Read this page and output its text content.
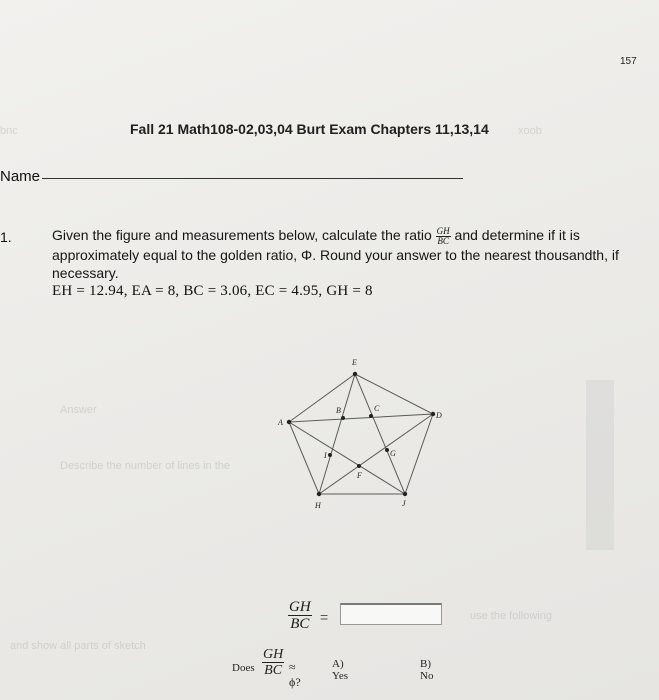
bnc	xoob
Answer
Describe the number of lines in the
and show all parts of sketch
use the following
157
Fall 21 Math108-02,03,04 Burt Exam Chapters 11,13,14
Name
1.	Given the figure and measurements below, calculate the ratio $\frac{GH}{BC}$ and determine if it is approximately equal to the golden ratio, Φ. Round your answer to the nearest thousandth, if necessary.
EH = 12.94, EA = 8, BC = 3.06, EC = 4.95, GH = 8
E
A
B	C
D
I	G
F
H	J
$\frac{GH}{BC}$ =
Does $\frac{GH}{BC} \approx \phi$?
A) Yes
B) No
